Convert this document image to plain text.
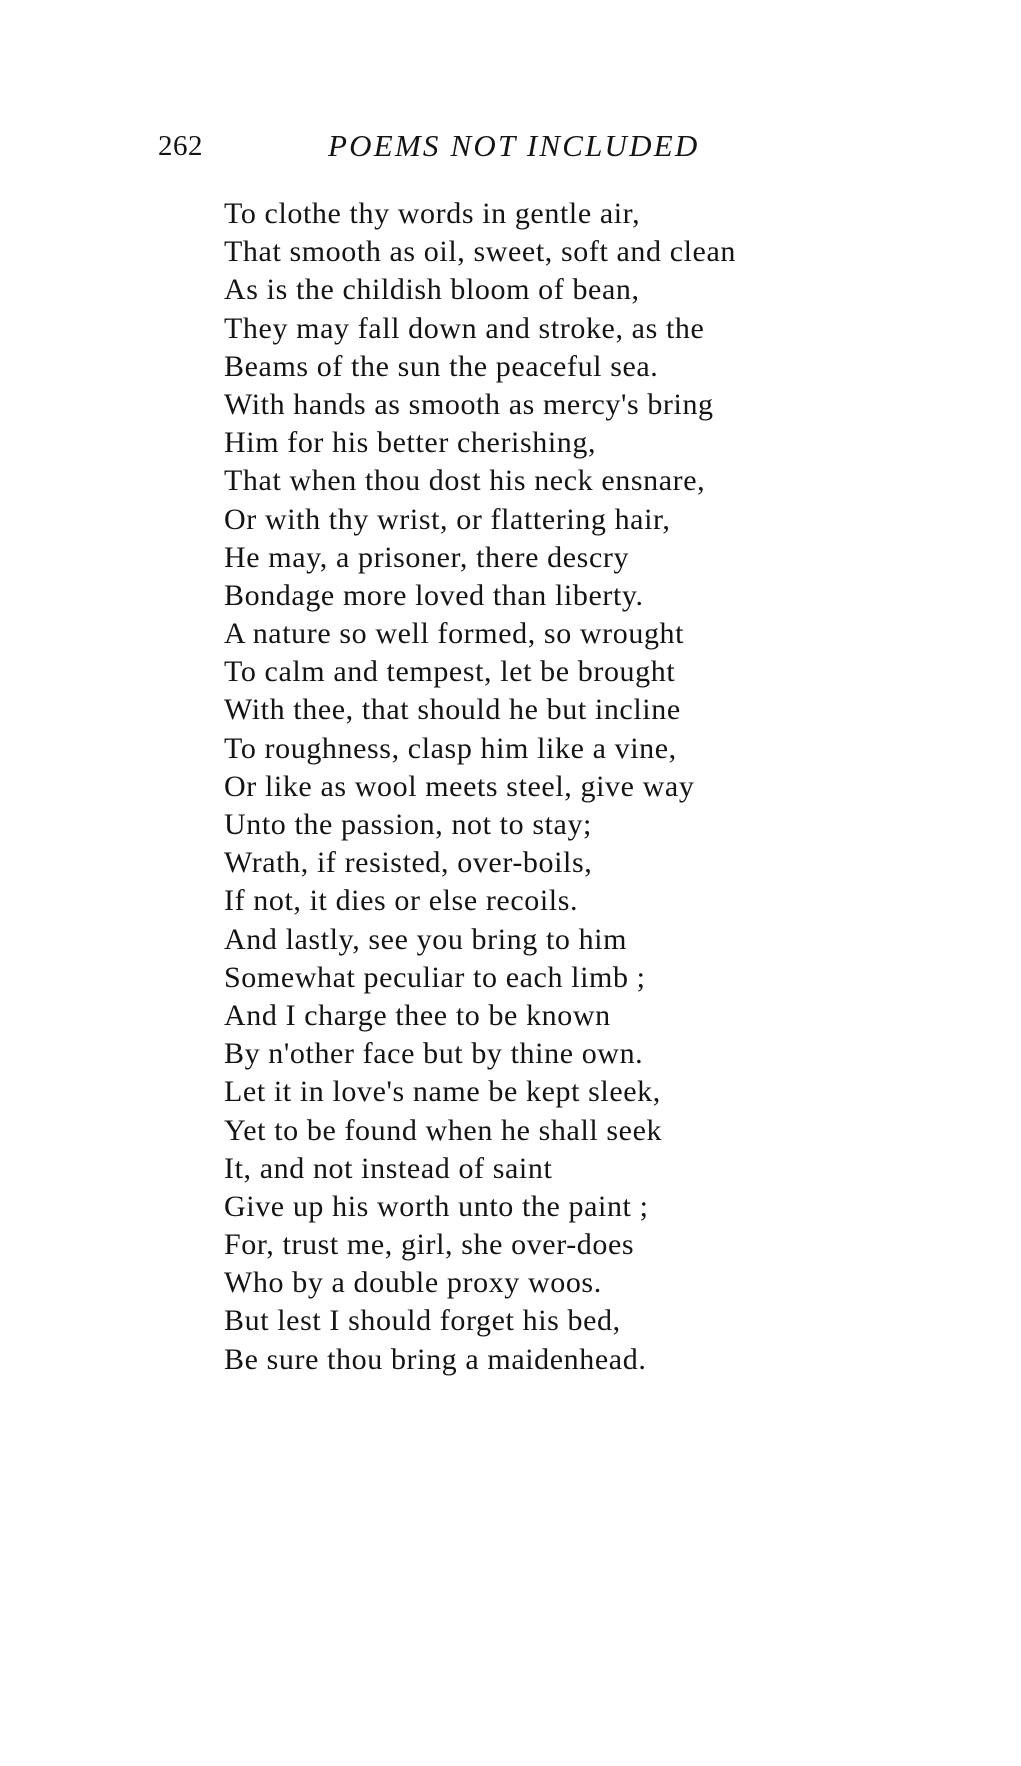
262	POEMS NOT INCLUDED
To clothe thy words in gentle air,
That smooth as oil, sweet, soft and clean
As is the childish bloom of bean,
They may fall down and stroke, as the
Beams of the sun the peaceful sea.
With hands as smooth as mercy's bring
Him for his better cherishing,
That when thou dost his neck ensnare,
Or with thy wrist, or flattering hair,
He may, a prisoner, there descry
Bondage more loved than liberty.
A nature so well formed, so wrought
To calm and tempest, let be brought
With thee, that should he but incline
To roughness, clasp him like a vine,
Or like as wool meets steel, give way
Unto the passion, not to stay;
Wrath, if resisted, over-boils,
If not, it dies or else recoils.
And lastly, see you bring to him
Somewhat peculiar to each limb ;
And I charge thee to be known
By n'other face but by thine own.
Let it in love's name be kept sleek,
Yet to be found when he shall seek
It, and not instead of saint
Give up his worth unto the paint ;
For, trust me, girl, she over-does
Who by a double proxy woos.
But lest I should forget his bed,
Be sure thou bring a maidenhead.
